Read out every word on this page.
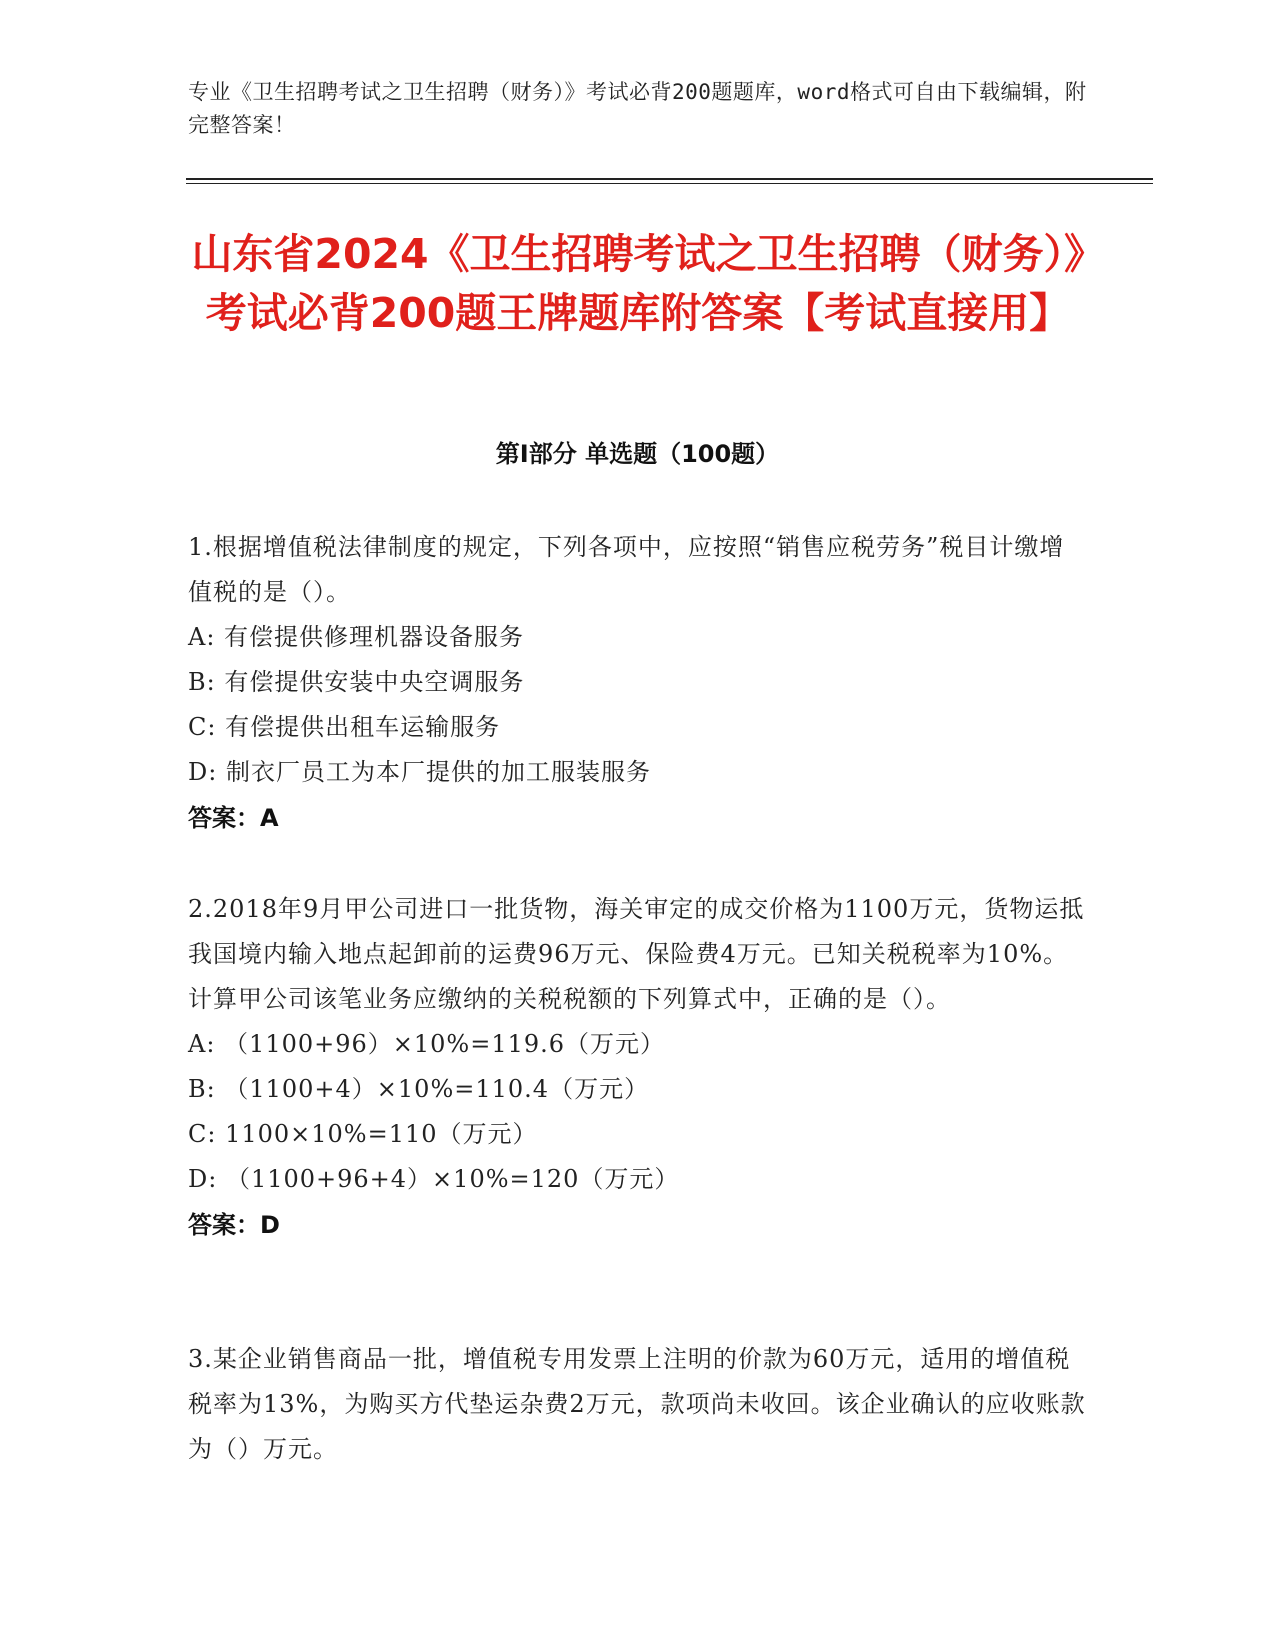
专业《卫生招聘考试之卫生招聘（财务）》考试必背200题题库，word格式可自由下载编辑，附完整答案！
山东省2024《卫生招聘考试之卫生招聘（财务）》考试必背200题王牌题库附答案【考试直接用】
第I部分 单选题（100题）
1.根据增值税法律制度的规定，下列各项中，应按照“销售应税劳务”税目计缴增值税的是（）。
A: 有偿提供修理机器设备服务
B: 有偿提供安装中央空调服务
C: 有偿提供出租车运输服务
D: 制衣厂员工为本厂提供的加工服装服务
答案：A
2.2018年9月甲公司进口一批货物，海关审定的成交价格为1100万元，货物运抵我国境内输入地点起卸前的运费96万元、保险费4万元。已知关税税率为10%。计算甲公司该笔业务应缴纳的关税税额的下列算式中，正确的是（）。
A: （1100+96）×10%=119.6（万元）
B: （1100+4）×10%=110.4（万元）
C: 1100×10%=110（万元）
D: （1100+96+4）×10%=120（万元）
答案：D
3.某企业销售商品一批，增值税专用发票上注明的价款为60万元，适用的增值税税率为13%，为购买方代垫运杂费2万元，款项尚未收回。该企业确认的应收账款为（）万元。
